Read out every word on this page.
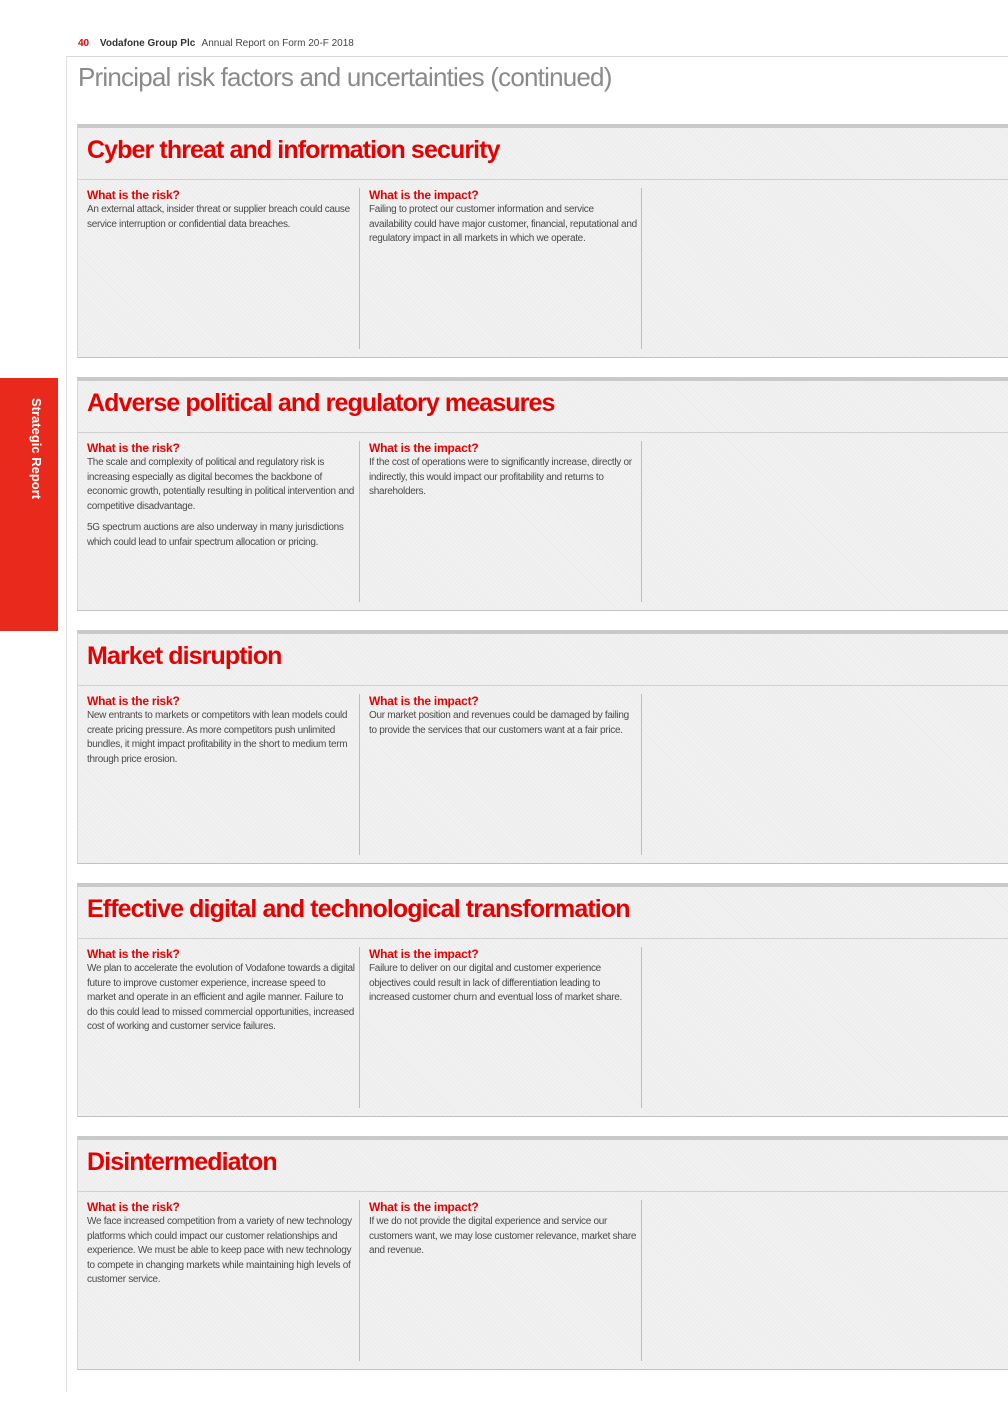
40 Vodafone Group Plc Annual Report on Form 20-F 2018
Principal risk factors and uncertainties (continued)
Strategic Report
Cyber threat and information security

What is the risk?

An external attack, insider threat or supplier breach could cause service interruption or confidential data breaches.

What is the impact?

Failing to protect our customer information and service availability could have major customer, financial, reputational and regulatory impact in all markets in which we operate.

Adverse political and regulatory measures

What is the risk?

The scale and complexity of political and regulatory risk is increasing especially as digital becomes the backbone of economic growth, potentially resulting in political intervention and competitive disadvantage.

5G spectrum auctions are also underway in many jurisdictions which could lead to unfair spectrum allocation or pricing.

What is the impact?

If the cost of operations were to significantly increase, directly or indirectly, this would impact our profitability and returns to shareholders.

Market disruption

What is the risk?

New entrants to markets or competitors with lean models could create pricing pressure. As more competitors push unlimited bundles, it might impact profitability in the short to medium term through price erosion.

What is the impact?

Our market position and revenues could be damaged by failing to provide the services that our customers want at a fair price.

Effective digital and technological transformation

What is the risk?

We plan to accelerate the evolution of Vodafone towards a digital future to improve customer experience, increase speed to market and operate in an efficient and agile manner. Failure to do this could lead to missed commercial opportunities, increased cost of working and customer service failures.

What is the impact?

Failure to deliver on our digital and customer experience objectives could result in lack of differentiation leading to increased customer churn and eventual loss of market share.

Disintermediaton

What is the risk?

We face increased competition from a variety of new technology platforms which could impact our customer relationships and experience. We must be able to keep pace with new technology to compete in changing markets while maintaining high levels of customer service.

What is the impact?

If we do not provide the digital experience and service our customers want, we may lose customer relevance, market share and revenue.
